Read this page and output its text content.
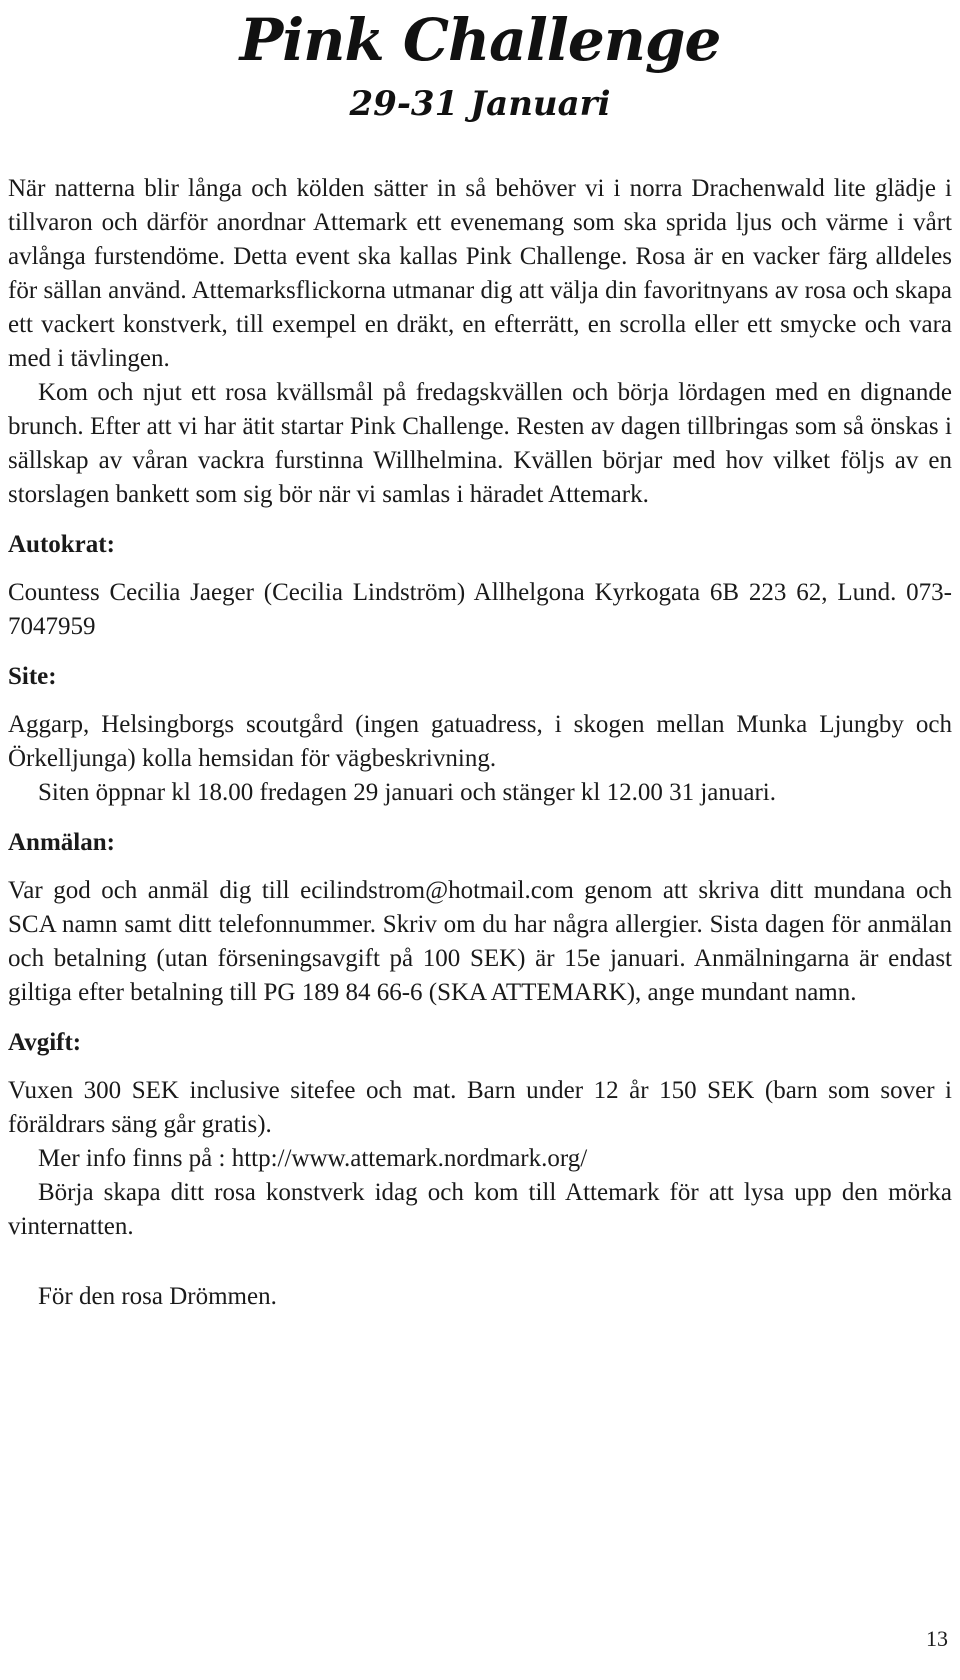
Pink Challenge
29-31 Januari

När natterna blir långa och kölden sätter in så behöver vi i norra Drachenwald lite glädje i tillvaron och därför anordnar Attemark ett evenemang som ska sprida ljus och värme i vårt avlånga furstendöme. Detta event ska kallas Pink Challenge. Rosa är en vacker färg alldeles för sällan använd. Attemarksflickorna utmanar dig att välja din favoritnyans av rosa och skapa ett vackert konstverk, till exempel en dräkt, en efterrätt, en scrolla eller ett smycke och vara med i tävlingen.

Kom och njut ett rosa kvällsmål på fredagskvällen och börja lördagen med en dignande brunch. Efter att vi har ätit startar Pink Challenge. Resten av dagen tillbringas som så önskas i sällskap av våran vackra furstinna Willhelmina. Kvällen börjar med hov vilket följs av en storslagen bankett som sig bör när vi samlas i häradet Attemark.

Autokrat:

Countess Cecilia Jaeger (Cecilia Lindström) Allhelgona Kyrkogata 6B 223 62, Lund. 073-7047959

Site:

Aggarp, Helsingborgs scoutgård (ingen gatuadress, i skogen mellan Munka Ljungby och Örkelljunga) kolla hemsidan för vägbeskrivning.

Siten öppnar kl 18.00 fredagen 29 januari och stänger kl 12.00 31 januari.

Anmälan:

Var god och anmäl dig till ecilindstrom@hotmail.com genom att skriva ditt mundana och SCA namn samt ditt telefonnummer. Skriv om du har några allergier. Sista dagen för anmälan och betalning (utan förseningsavgift på 100 SEK) är 15e januari. Anmälningarna är endast giltiga efter betalning till PG 189 84 66-6 (SKA ATTEMARK), ange mundant namn.

Avgift:

Vuxen 300 SEK inclusive sitefee och mat. Barn under 12 år 150 SEK (barn som sover i föräldrars säng går gratis).

Mer info finns på : http://www.attemark.nordmark.org/

Börja skapa ditt rosa konstverk idag och kom till Attemark för att lysa upp den mörka vinternatten.

För den rosa Drömmen.

13
